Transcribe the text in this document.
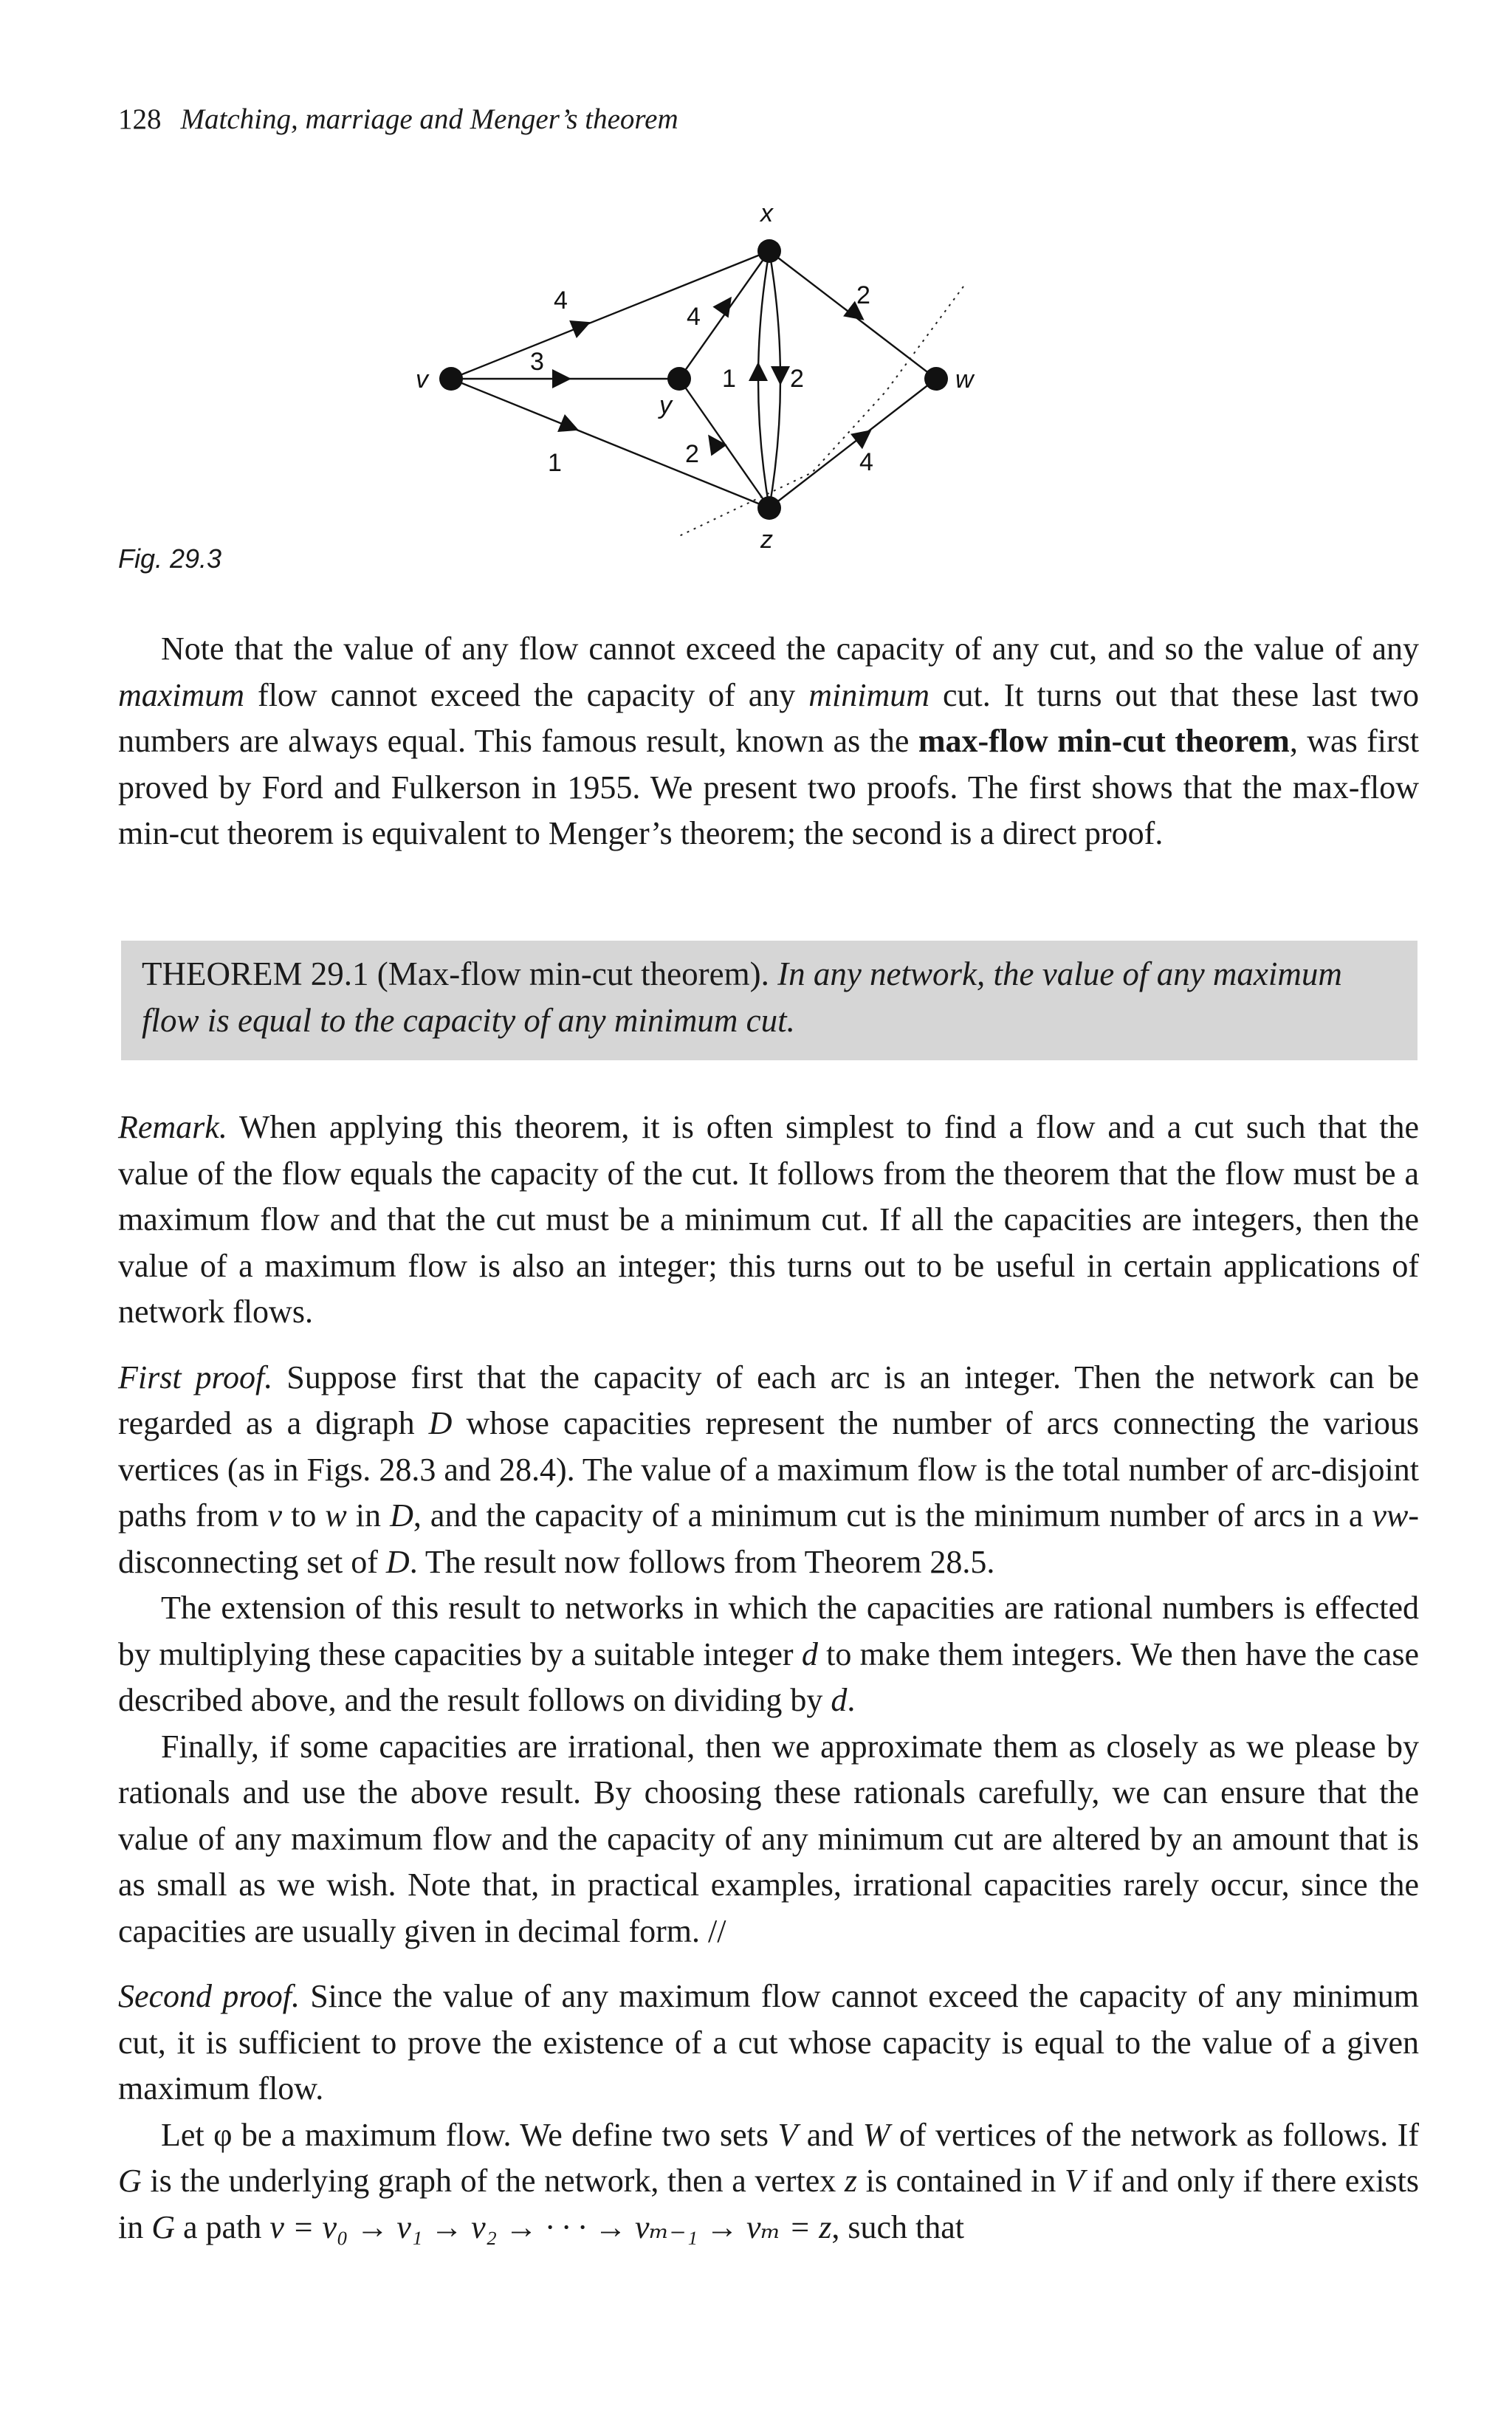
128 Matching, marriage and Menger’s theorem
x
v
y
w
z
4
3
1
4
1 2
2
2
4
Fig. 29.3

Note that the value of any flow cannot exceed the capacity of any cut, and so the value of any maximum flow cannot exceed the capacity of any minimum cut. It turns out that these last two numbers are always equal. This famous result, known as the max-flow min-cut theorem, was first proved by Ford and Fulkerson in 1955. We present two proofs. The first shows that the max-flow min-cut theorem is equivalent to Menger’s theorem; the second is a direct proof.

THEOREM 29.1 (Max-flow min-cut theorem). In any network, the value of any maximum flow is equal to the capacity of any minimum cut.

Remark. When applying this theorem, it is often simplest to find a flow and a cut such that the value of the flow equals the capacity of the cut. It follows from the theorem that the flow must be a maximum flow and that the cut must be a minimum cut. If all the capacities are integers, then the value of a maximum flow is also an integer; this turns out to be useful in certain applications of network flows.

First proof. Suppose first that the capacity of each arc is an integer. Then the network can be regarded as a digraph D whose capacities represent the number of arcs connecting the various vertices (as in Figs. 28.3 and 28.4). The value of a maximum flow is the total number of arc-disjoint paths from v to w in D, and the capacity of a minimum cut is the minimum number of arcs in a vw-disconnecting set of D. The result now follows from Theorem 28.5.

The extension of this result to networks in which the capacities are rational numbers is effected by multiplying these capacities by a suitable integer d to make them integers. We then have the case described above, and the result follows on dividing by d.

Finally, if some capacities are irrational, then we approximate them as closely as we please by rationals and use the above result. By choosing these rationals carefully, we can ensure that the value of any maximum flow and the capacity of any minimum cut are altered by an amount that is as small as we wish. Note that, in practical examples, irrational capacities rarely occur, since the capacities are usually given in decimal form. //

Second proof. Since the value of any maximum flow cannot exceed the capacity of any minimum cut, it is sufficient to prove the existence of a cut whose capacity is equal to the value of a given maximum flow.

Let φ be a maximum flow. We define two sets V and W of vertices of the network as follows. If G is the underlying graph of the network, then a vertex z is contained in V if and only if there exists in G a path v = v₀ → v₁ → v₂ → · · · → vₘ₋₁ → vₘ = z, such that
